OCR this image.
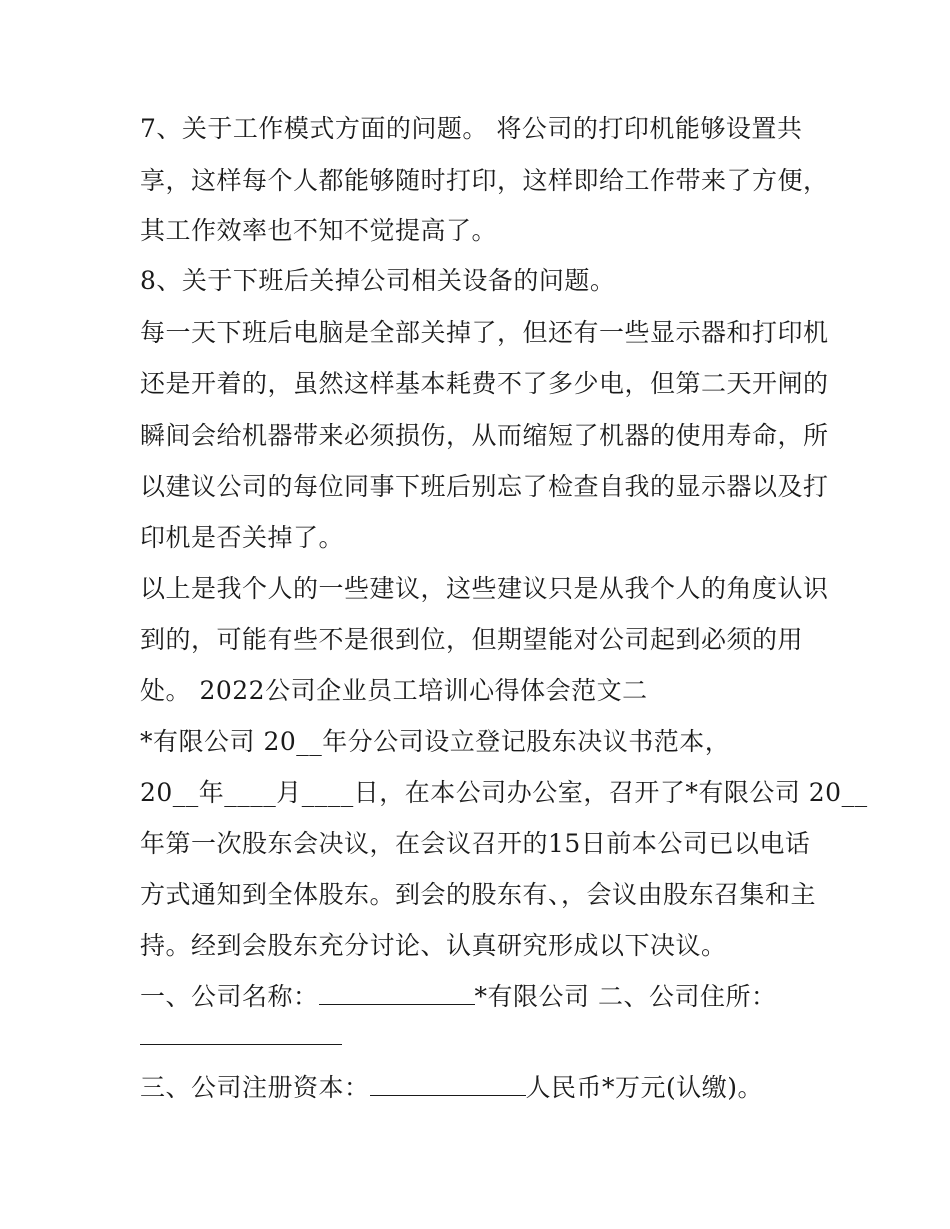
7、关于工作模式方面的问题。 将公司的打印机能够设置共
享，这样每个人都能够随时打印，这样即给工作带来了方便，
其工作效率也不知不觉提高了。
8、关于下班后关掉公司相关设备的问题。
每一天下班后电脑是全部关掉了，但还有一些显示器和打印机
还是开着的，虽然这样基本耗费不了多少电，但第二天开闸的
瞬间会给机器带来必须损伤，从而缩短了机器的使用寿命，所
以建议公司的每位同事下班后别忘了检查自我的显示器以及打
印机是否关掉了。
以上是我个人的一些建议，这些建议只是从我个人的角度认识
到的，可能有些不是很到位，但期望能对公司起到必须的用
处。 2022公司企业员工培训心得体会范文二
*有限公司 20__年分公司设立登记股东决议书范本，
20__年____月____日，在本公司办公室，召开了*有限公司 20__
年第一次股东会决议，在会议召开的15日前本公司已以电话
方式通知到全体股东。到会的股东有、，会议由股东召集和主
持。经到会股东充分讨论、认真研究形成以下决议。
一、公司名称：	*有限公司 二、公司住所：
三、公司注册资本：	人民币*万元(认缴)。
